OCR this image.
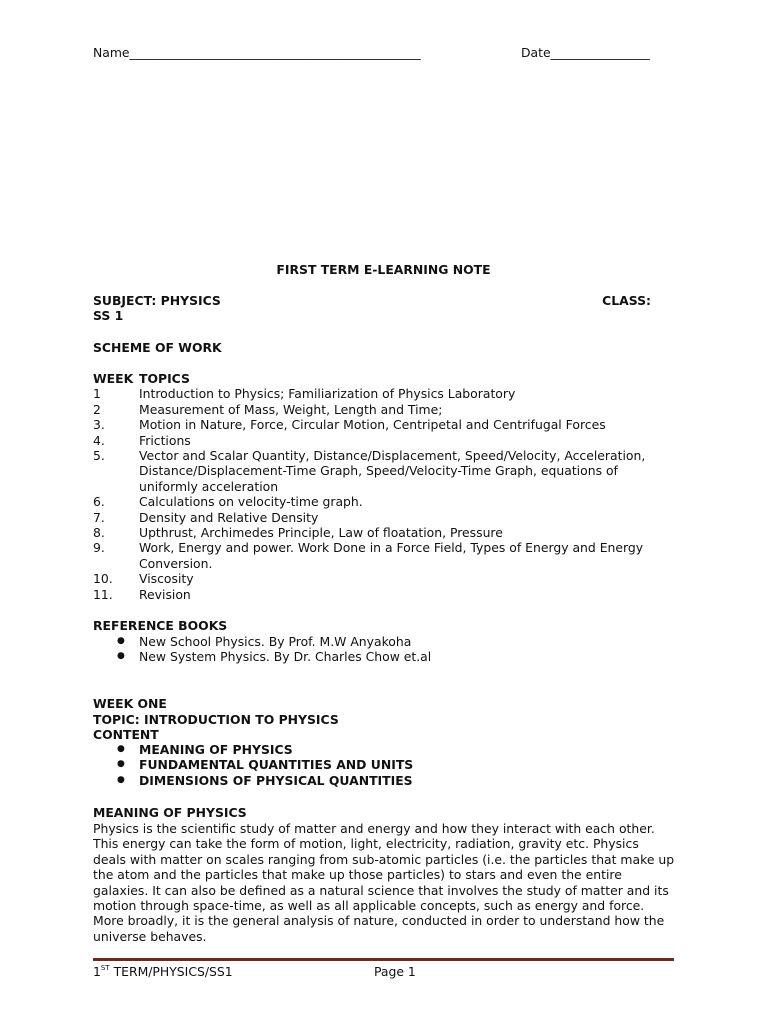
Name_______________________________________________	Date________________
FIRST TERM E-LEARNING NOTE
SUBJECT: PHYSICS	CLASS:
SS 1
SCHEME OF WORK
WEEK TOPICS
1	Introduction to Physics; Familiarization of Physics Laboratory
2	Measurement of Mass, Weight, Length and Time;
3.	Motion in Nature, Force, Circular Motion, Centripetal and Centrifugal Forces
4.	Frictions
5.	Vector and Scalar Quantity, Distance/Displacement, Speed/Velocity, Acceleration, Distance/Displacement-Time Graph, Speed/Velocity-Time Graph, equations of uniformly acceleration
6.	Calculations on velocity-time graph.
7.	Density and Relative Density
8.	Upthrust, Archimedes Principle, Law of floatation, Pressure
9.	Work, Energy and power. Work Done in a Force Field, Types of Energy and Energy Conversion.
10. Viscosity
11. Revision
REFERENCE BOOKS
● New School Physics. By Prof. M.W Anyakoha
● New System Physics. By Dr. Charles Chow et.al
WEEK ONE
TOPIC: INTRODUCTION TO PHYSICS
CONTENT
● MEANING OF PHYSICS
● FUNDAMENTAL QUANTITIES AND UNITS
● DIMENSIONS OF PHYSICAL QUANTITIES
MEANING OF PHYSICS
Physics is the scientific study of matter and energy and how they interact with each other. This energy can take the form of motion, light, electricity, radiation, gravity etc. Physics deals with matter on scales ranging from sub-atomic particles (i.e. the particles that make up the atom and the particles that make up those particles) to stars and even the entire galaxies. It can also be defined as a natural science that involves the study of matter and its motion through space-time, as well as all applicable concepts, such as energy and force. More broadly, it is the general analysis of nature, conducted in order to understand how the universe behaves.
1ST TERM/PHYSICS/SS1	Page 1
